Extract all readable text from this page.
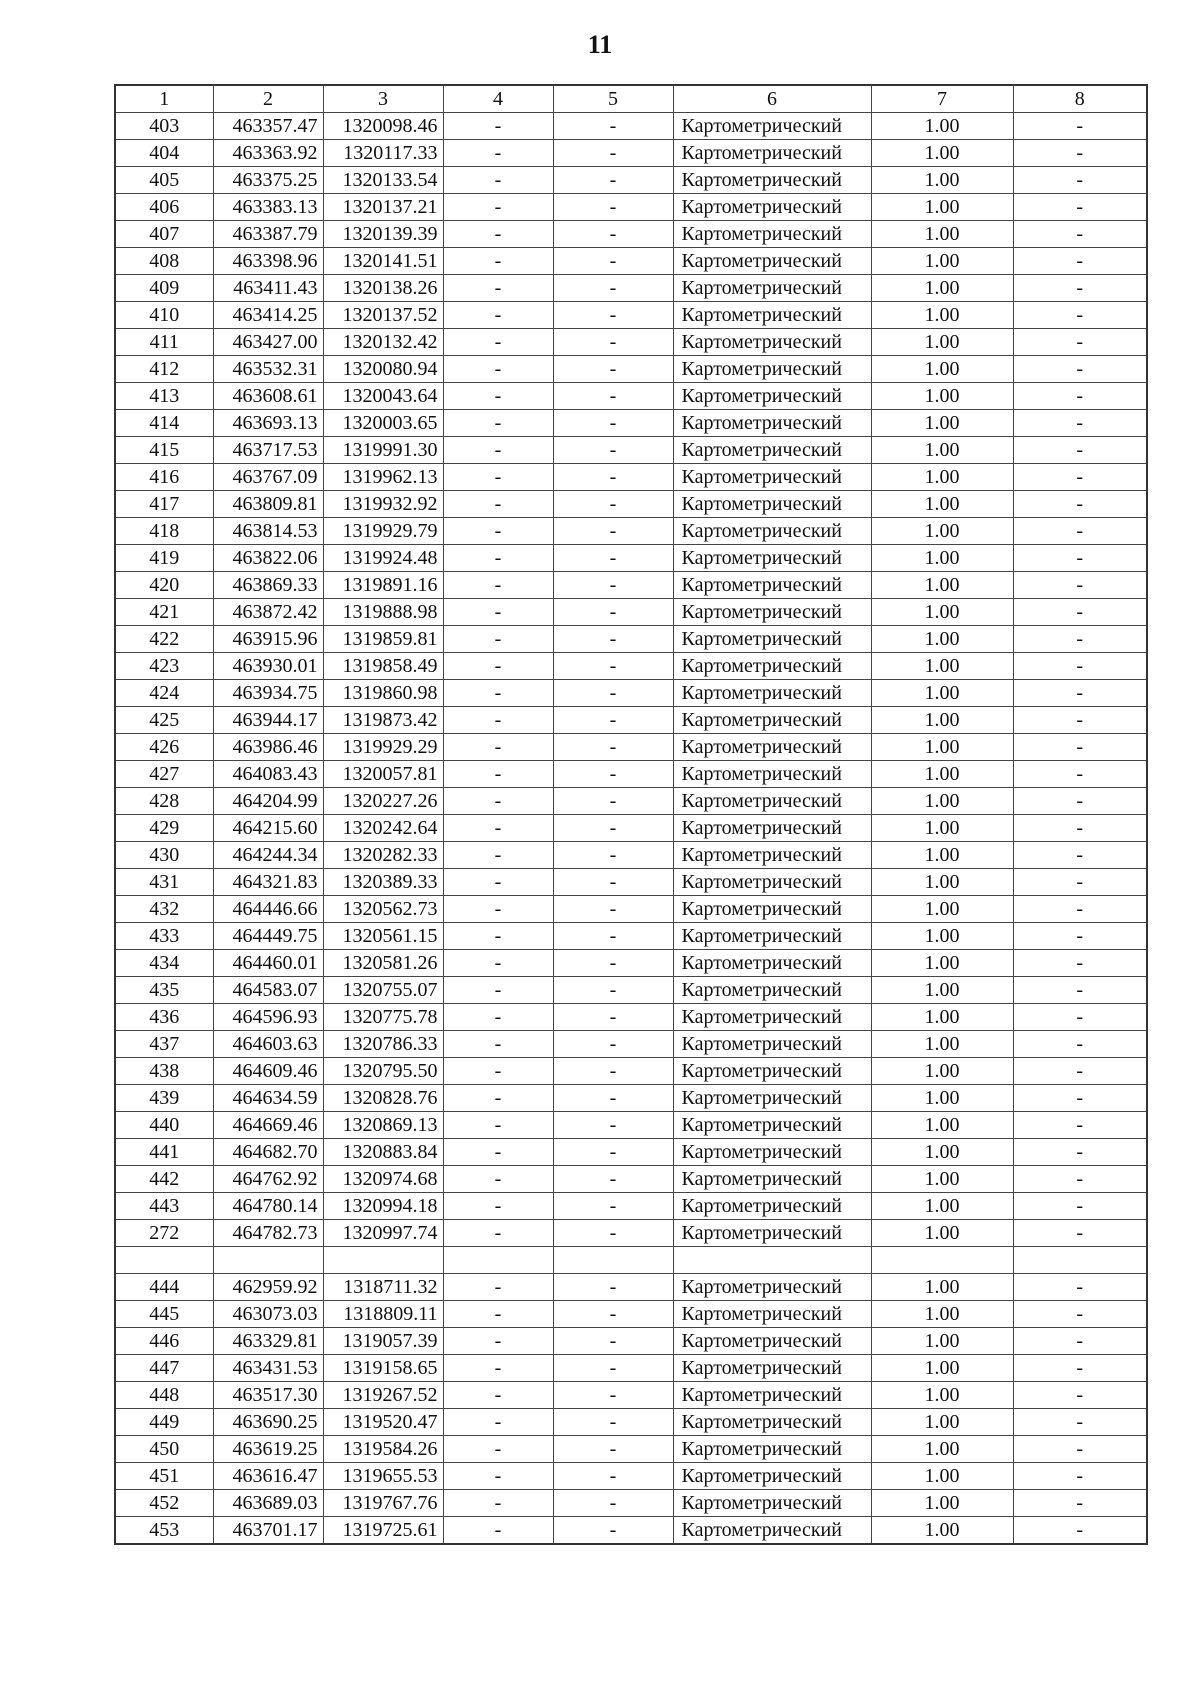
11
1	2	3	4	5	6	7	8
403	463357.47	1320098.46	-	-	Картометрический	1.00	-
404	463363.92	1320117.33	-	-	Картометрический	1.00	-
405	463375.25	1320133.54	-	-	Картометрический	1.00	-
406	463383.13	1320137.21	-	-	Картометрический	1.00	-
407	463387.79	1320139.39	-	-	Картометрический	1.00	-
408	463398.96	1320141.51	-	-	Картометрический	1.00	-
409	463411.43	1320138.26	-	-	Картометрический	1.00	-
410	463414.25	1320137.52	-	-	Картометрический	1.00	-
411	463427.00	1320132.42	-	-	Картометрический	1.00	-
412	463532.31	1320080.94	-	-	Картометрический	1.00	-
413	463608.61	1320043.64	-	-	Картометрический	1.00	-
414	463693.13	1320003.65	-	-	Картометрический	1.00	-
415	463717.53	1319991.30	-	-	Картометрический	1.00	-
416	463767.09	1319962.13	-	-	Картометрический	1.00	-
417	463809.81	1319932.92	-	-	Картометрический	1.00	-
418	463814.53	1319929.79	-	-	Картометрический	1.00	-
419	463822.06	1319924.48	-	-	Картометрический	1.00	-
420	463869.33	1319891.16	-	-	Картометрический	1.00	-
421	463872.42	1319888.98	-	-	Картометрический	1.00	-
422	463915.96	1319859.81	-	-	Картометрический	1.00	-
423	463930.01	1319858.49	-	-	Картометрический	1.00	-
424	463934.75	1319860.98	-	-	Картометрический	1.00	-
425	463944.17	1319873.42	-	-	Картометрический	1.00	-
426	463986.46	1319929.29	-	-	Картометрический	1.00	-
427	464083.43	1320057.81	-	-	Картометрический	1.00	-
428	464204.99	1320227.26	-	-	Картометрический	1.00	-
429	464215.60	1320242.64	-	-	Картометрический	1.00	-
430	464244.34	1320282.33	-	-	Картометрический	1.00	-
431	464321.83	1320389.33	-	-	Картометрический	1.00	-
432	464446.66	1320562.73	-	-	Картометрический	1.00	-
433	464449.75	1320561.15	-	-	Картометрический	1.00	-
434	464460.01	1320581.26	-	-	Картометрический	1.00	-
435	464583.07	1320755.07	-	-	Картометрический	1.00	-
436	464596.93	1320775.78	-	-	Картометрический	1.00	-
437	464603.63	1320786.33	-	-	Картометрический	1.00	-
438	464609.46	1320795.50	-	-	Картометрический	1.00	-
439	464634.59	1320828.76	-	-	Картометрический	1.00	-
440	464669.46	1320869.13	-	-	Картометрический	1.00	-
441	464682.70	1320883.84	-	-	Картометрический	1.00	-
442	464762.92	1320974.68	-	-	Картометрический	1.00	-
443	464780.14	1320994.18	-	-	Картометрический	1.00	-
272	464782.73	1320997.74	-	-	Картометрический	1.00	-

444	462959.92	1318711.32	-	-	Картометрический	1.00	-
445	463073.03	1318809.11	-	-	Картометрический	1.00	-
446	463329.81	1319057.39	-	-	Картометрический	1.00	-
447	463431.53	1319158.65	-	-	Картометрический	1.00	-
448	463517.30	1319267.52	-	-	Картометрический	1.00	-
449	463690.25	1319520.47	-	-	Картометрический	1.00	-
450	463619.25	1319584.26	-	-	Картометрический	1.00	-
451	463616.47	1319655.53	-	-	Картометрический	1.00	-
452	463689.03	1319767.76	-	-	Картометрический	1.00	-
453	463701.17	1319725.61	-	-	Картометрический	1.00	-
